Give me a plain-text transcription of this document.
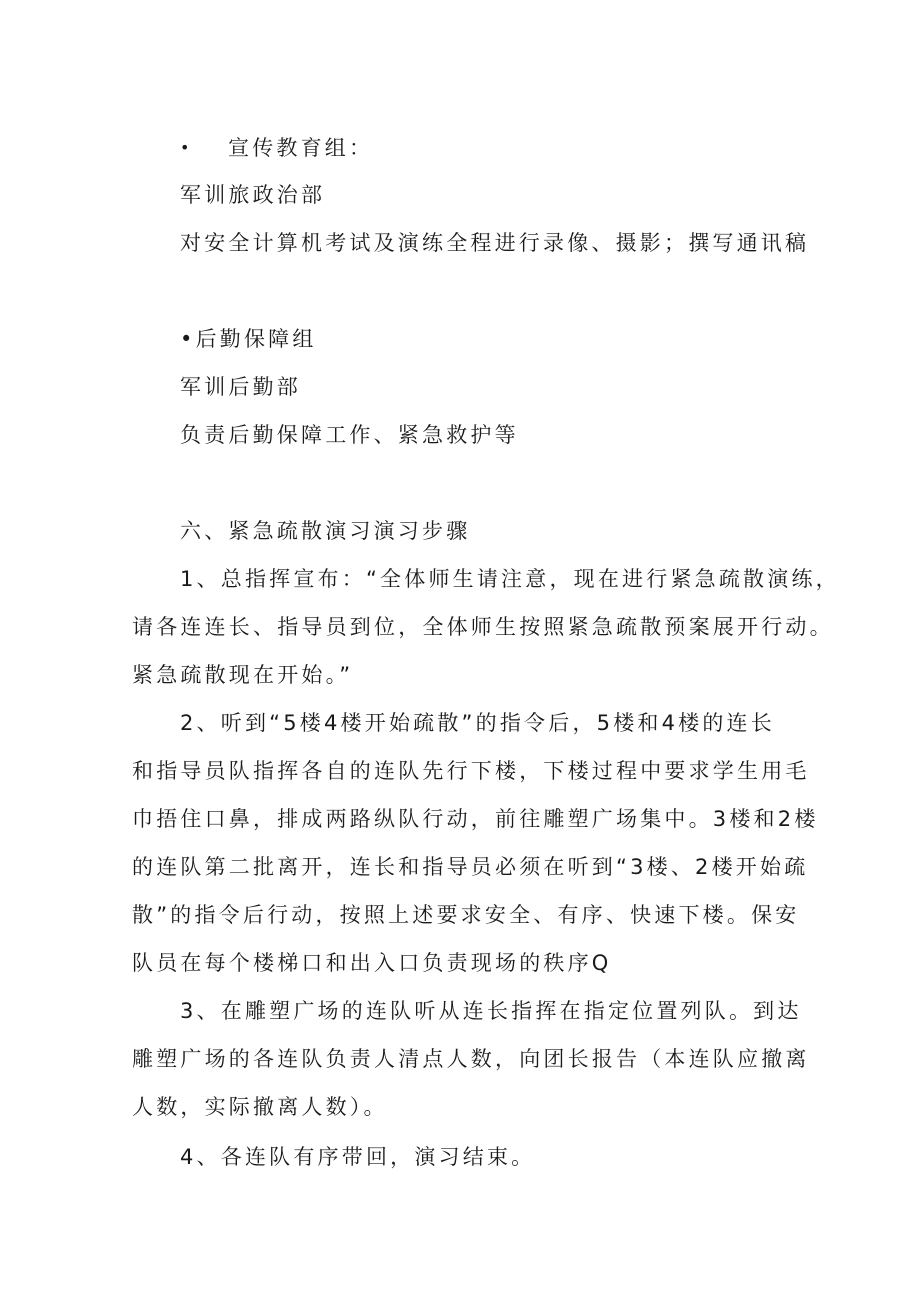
• 宣传教育组：
军训旅政治部
对安全计算机考试及演练全程进行录像、摄影；撰写通讯稿
•后勤保障组
军训后勤部
负责后勤保障工作、紧急救护等
六、紧急疏散演习演习步骤
1、总指挥宣布：“全体师生请注意，现在进行紧急疏散演练，
请各连连长、指导员到位，全体师生按照紧急疏散预案展开行动。
紧急疏散现在开始。”
2、听到“5楼4楼开始疏散”的指令后，5楼和4楼的连长
和指导员队指挥各自的连队先行下楼，下楼过程中要求学生用毛
巾捂住口鼻，排成两路纵队行动，前往雕塑广场集中。3楼和2楼
的连队第二批离开，连长和指导员必须在听到“3楼、2楼开始疏
散”的指令后行动，按照上述要求安全、有序、快速下楼。保安
队员在每个楼梯口和出入口负责现场的秩序Q
3、在雕塑广场的连队听从连长指挥在指定位置列队。到达
雕塑广场的各连队负责人清点人数，向团长报告（本连队应撤离
人数，实际撤离人数）。
4、各连队有序带回，演习结束。
